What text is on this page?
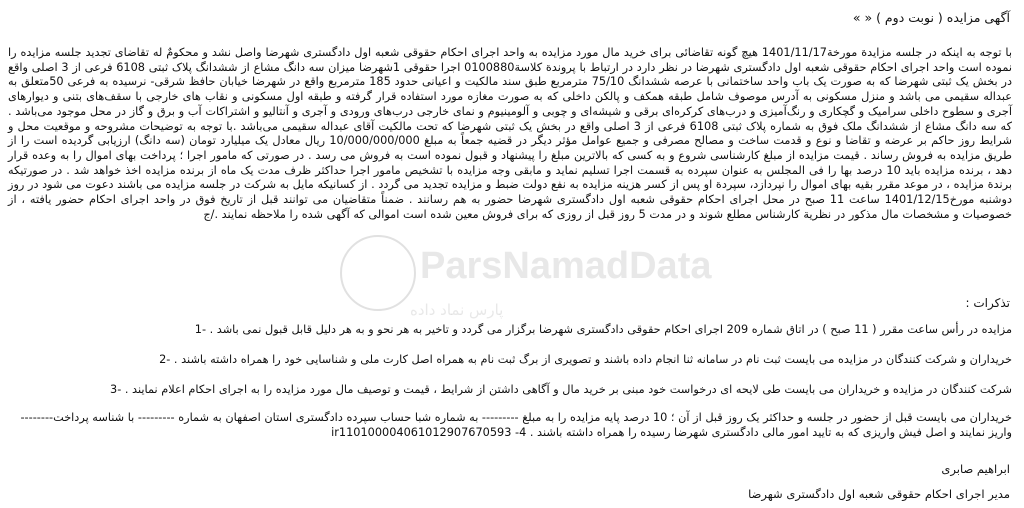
آگهی مزایده ( نوبت دوم ) « »
با توجه به اینکه در جلسه مزایدة مورخة1401/11/17 هیچ گونه تقاضائی برای خرید مال مورد مزایده به واحد اجرای احکام حقوقی شعبه اول دادگستری شهرضا واصل نشد و محکومٌ له تقاضای تجدید جلسه مزایده را نموده است واحد اجرای احکام حقوقی شعبه اول دادگستری شهرضا در نظر دارد در ارتباط با پروندة کلاسة0100880 اجرا حقوقی 1شهرضا میزان سه دانگ مشاع از ششدانگ پلاک ثبتی 6108 فرعی از 3 اصلی واقع در بخش یک ثبتی شهرضا که به صورت یک باب واحد ساختمانی با عرصه ششدانگ 75/10 مترمربع طبق سند مالکیت و اعیانی حدود 185 مترمربع واقع در شهرضا خیابان حافظ شرقی- نرسیده به فرعی 50متعلق به عبداله سقیمی می باشد و منزل مسکونی به آدرس موصوف شامل طبقه همکف و پالکن داخلی که به صورت مغازه مورد استفاده قرار گرفته و طبقه اول مسکونی و نقاب های خارجی با سقف‌های بتنی و دیوارهای آجری و سطوح داخلی سرامیک و گچکاری و رنگ‌آمیزی و درب‌های کرکره‌ای برقی و شیشه‌ای و چوبی و آلومینیوم و نمای خارجی درب‌های ورودی و آجری و آنتالیو و اشتراکات آب و برق و گاز در محل موجود می‌باشد . که سه دانگ مشاع از ششدانگ ملک فوق به شماره پلاک ثبتی 6108 فرعی از 3 اصلی واقع در بخش یک ثبتی شهرضا که تحت مالکیت آقای عبداله سقیمی می‌باشد .با توجه به توضیحات مشروحه و موقعیت محل و شرایط روز حاکم بر عرضه و تقاضا و نوع و قدمت ساخت و مصالح مصرفی و جمیع عوامل مؤثر دیگر در قضیه جمعاً به مبلغ 10/000/000/000 ریال معادل یک میلیارد تومان (سه دانگ) ارزیابی گردیده است را از طریق مزایده به فروش رساند . قیمت مزایده از مبلغ کارشناسی شروع و به کسی که بالاترین مبلغ را پیشنهاد و قبول نموده است به فروش می رسد . در صورتی که مامور اجرا ؛ پرداخت بهای اموال را به وعده قرار دهد ، برنده مزایده باید 10 درصد بها را فی المجلس به عنوان سپرده به قسمت اجرا تسلیم نماید و مابقی وجه مزایده با تشخیص مامور اجرا حداکثر ظرف مدت یک ماه از برنده مزایده اخذ خواهد شد . در صورتیکه برندة مزایده ، در موعد مقرر بقیه بهای اموال را نپردازد، سپردة او پس از کسر هزینه مزایده به نفع دولت ضبط و مزایده تجدید می گردد . از کسانیکه مایل به شرکت در جلسه مزایده می باشند دعوت می شود در روز دوشنبه مورخ1401/12/15 ساعت 11 صبح در محل اجرای احکام حقوقی شعبه اول دادگستری شهرضا حضور به هم رسانند . ضمناً متقاضیان می توانند قبل از تاریخ فوق در واحد اجرای احکام حضور یافته ، از خصوصیات و مشخصات مال مذکور در نظریة کارشناس مطلع شوند و در مدت 5 روز قبل از روزی که برای فروش معین شده است اموالی که آگهی شده را ملاحظه نمایند ./ج
تذکرات :
مزایده در رأس ساعت مقرر ( 11 صبح ) در اتاق شماره 209 اجرای احکام حقوقی دادگستری شهرضا برگزار می گردد و تاخیر به هر نحو و به هر دلیل قابل قبول نمی باشد . -1
خریداران و شرکت کنندگان در مزایده می بایست ثبت نام در سامانه ثنا انجام داده باشند و تصویری از برگ ثبت نام به همراه اصل کارت ملی و شناسایی خود را همراه داشته باشند . -2
شرکت کنندگان در مزایده و خریداران می بایست طی لایحه ای درخواست خود مبنی بر خرید مال و آگاهی داشتن از شرایط ، قیمت و توصیف مال مورد مزایده را به اجرای احکام اعلام نمایند . -3
خریداران می بایست قبل از حضور در جلسه و حداکثر یک روز قبل از آن ؛ 10 درصد پایه مزایده را به مبلغ --------- به شماره شبا حساب سپرده دادگستری استان اصفهان به شماره --------- با شناسه پرداخت-------- واریز نمایند و اصل فیش واریزی که به تایید امور مالی دادگستری شهرضا رسیده را همراه داشته باشند . ir110100004061012907670593 -4
ابراهیم صابری
مدیر اجرای احکام حقوقی شعبه اول دادگستری شهرضا
ParsNamadData
پارس نماد داده
